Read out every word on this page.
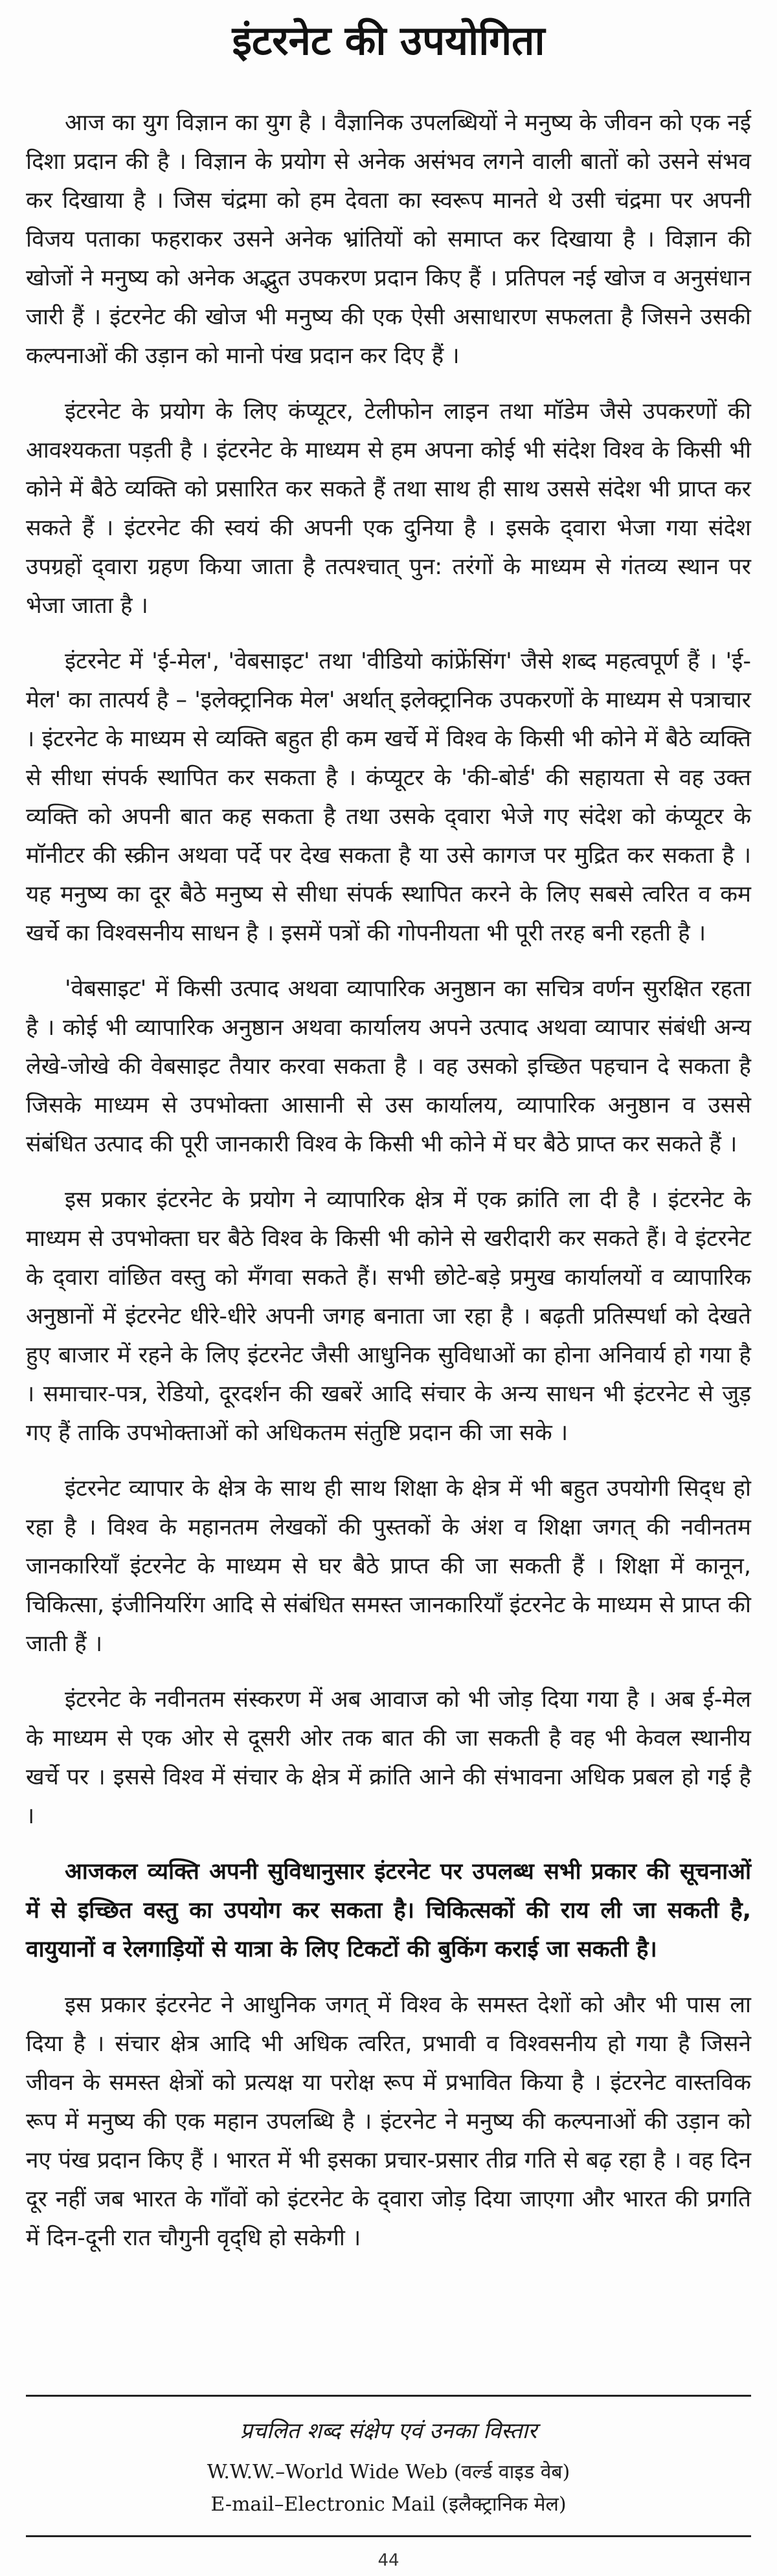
इंटरनेट की उपयोगिता

आज का युग विज्ञान का युग है । वैज्ञानिक उपलब्धियों ने मनुष्य के जीवन को एक नई दिशा प्रदान की है । विज्ञान के प्रयोग से अनेक असंभव लगने वाली बातों को उसने संभव कर दिखाया है । जिस चंद्रमा को हम देवता का स्वरूप मानते थे उसी चंद्रमा पर अपनी विजय पताका फहराकर उसने अनेक भ्रांतियों को समाप्त कर दिखाया है । विज्ञान की खोजों ने मनुष्य को अनेक अद्भुत उपकरण प्रदान किए हैं । प्रतिपल नई खोज व अनुसंधान जारी हैं । इंटरनेट की खोज भी मनुष्य की एक ऐसी असाधारण सफलता है जिसने उसकी कल्पनाओं की उड़ान को मानो पंख प्रदान कर दिए हैं ।

इंटरनेट के प्रयोग के लिए कंप्यूटर, टेलीफोन लाइन तथा मॉडेम जैसे उपकरणों की आवश्यकता पड़ती है । इंटरनेट के माध्यम से हम अपना कोई भी संदेश विश्व के किसी भी कोने में बैठे व्यक्ति को प्रसारित कर सकते हैं तथा साथ ही साथ उससे संदेश भी प्राप्त कर सकते हैं । इंटरनेट की स्वयं की अपनी एक दुनिया है । इसके द्‌वारा भेजा गया संदेश उपग्रहों द्‌वारा ग्रहण किया जाता है तत्पश्चात् पुन: तरंगों के माध्यम से गंतव्य स्थान पर भेजा जाता है ।

इंटरनेट में 'ई-मेल', 'वेबसाइट' तथा 'वीडियो कांफ्रेंसिंग' जैसे शब्द महत्वपूर्ण हैं । 'ई-मेल' का तात्पर्य है – 'इलेक्ट्रानिक मेल' अर्थात् इलेक्ट्रानिक उपकरणों के माध्यम से पत्राचार । इंटरनेट के माध्यम से व्यक्ति बहुत ही कम खर्चे में विश्व के किसी भी कोने में बैठे व्यक्ति से सीधा संपर्क स्थापित कर सकता है । कंप्यूटर के 'की-बोर्ड' की सहायता से वह उक्त व्यक्ति को अपनी बात कह सकता है तथा उसके द्‌वारा भेजे गए संदेश को कंप्यूटर के मॉनीटर की स्क्रीन अथवा पर्दे पर देख सकता है या उसे कागज पर मुद्रित कर सकता है । यह मनुष्य का दूर बैठे मनुष्य से सीधा संपर्क स्थापित करने के लिए सबसे त्वरित व कम खर्चे का विश्वसनीय साधन है । इसमें पत्रों की गोपनीयता भी पूरी तरह बनी रहती है ।

'वेबसाइट' में किसी उत्पाद अथवा व्यापारिक अनुष्ठान का सचित्र वर्णन सुरक्षित रहता है । कोई भी व्यापारिक अनुष्ठान अथवा कार्यालय अपने उत्पाद अथवा व्यापार संबंधी अन्य लेखे-जोखे की वेबसाइट तैयार करवा सकता है । वह उसको इच्छित पहचान दे सकता है जिसके माध्यम से उपभोक्ता आसानी से उस कार्यालय, व्यापारिक अनुष्ठान व उससे संबंधित उत्पाद की पूरी जानकारी विश्व के किसी भी कोने में घर बैठे प्राप्त कर सकते हैं ।

इस प्रकार इंटरनेट के प्रयोग ने व्यापारिक क्षेत्र में एक क्रांति ला दी है । इंटरनेट के माध्यम से उपभोक्ता घर बैठे विश्व के किसी भी कोने से खरीदारी कर सकते हैं। वे इंटरनेट के द्‌वारा वांछित वस्तु को मँगवा सकते हैं। सभी छोटे-बड़े प्रमुख कार्यालयों व व्यापारिक अनुष्ठानों में इंटरनेट धीरे-धीरे अपनी जगह बनाता जा रहा है । बढ़ती प्रतिस्पर्धा को देखते हुए बाजार में रहने के लिए इंटरनेट जैसी आधुनिक सुविधाओं का होना अनिवार्य हो गया है । समाचार-पत्र, रेडियो, दूरदर्शन की खबरें आदि संचार के अन्य साधन भी इंटरनेट से जुड़ गए हैं ताकि उपभोक्ताओं को अधिकतम संतुष्टि प्रदान की जा सके ।

इंटरनेट व्यापार के क्षेत्र के साथ ही साथ शिक्षा के क्षेत्र में भी बहुत उपयोगी सिद्‌ध हो रहा है । विश्व के महानतम लेखकों की पुस्तकों के अंश व शिक्षा जगत् की नवीनतम जानकारियाँ इंटरनेट के माध्यम से घर बैठे प्राप्त की जा सकती हैं । शिक्षा में कानून, चिकित्सा, इंजीनियरिंग आदि से संबंधित समस्त जानकारियाँ इंटरनेट के माध्यम से प्राप्त की जाती हैं ।

इंटरनेट के नवीनतम संस्करण में अब आवाज को भी जोड़ दिया गया है । अब ई-मेल के माध्यम से एक ओर से दूसरी ओर तक बात की जा सकती है वह भी केवल स्थानीय खर्चे पर । इससे विश्व में संचार के क्षेत्र में क्रांति आने की संभावना अधिक प्रबल हो गई है ।

आजकल व्यक्ति अपनी सुविधानुसार इंटरनेट पर उपलब्ध सभी प्रकार की सूचनाओं में से इच्छित वस्तु का उपयोग कर सकता है। चिकित्सकों की राय ली जा सकती है, वायुयानों व रेलगाड़ियों से यात्रा के लिए टिकटों की बुकिंग कराई जा सकती है।

इस प्रकार इंटरनेट ने आधुनिक जगत् में विश्व के समस्त देशों को और भी पास ला दिया है । संचार क्षेत्र आदि भी अधिक त्वरित, प्रभावी व विश्वसनीय हो गया है जिसने जीवन के समस्त क्षेत्रों को प्रत्यक्ष या परोक्ष रूप में प्रभावित किया है । इंटरनेट वास्तविक रूप में मनुष्य की एक महान उपलब्धि है । इंटरनेट ने मनुष्य की कल्पनाओं की उड़ान को नए पंख प्रदान किए हैं । भारत में भी इसका प्रचार-प्रसार तीव्र गति से बढ़ रहा है । वह दिन दूर नहीं जब भारत के गाँवों को इंटरनेट के द्‌वारा जोड़ दिया जाएगा और भारत की प्रगति में दिन-दूनी रात चौगुनी वृद्‌धि हो सकेगी ।

प्रचलित शब्द संक्षेप एवं उनका विस्तार

W.W.W.–World Wide Web (वर्ल्ड वाइड वेब)

E-mail–Electronic Mail (इलैक्ट्रानिक मेल)

44
